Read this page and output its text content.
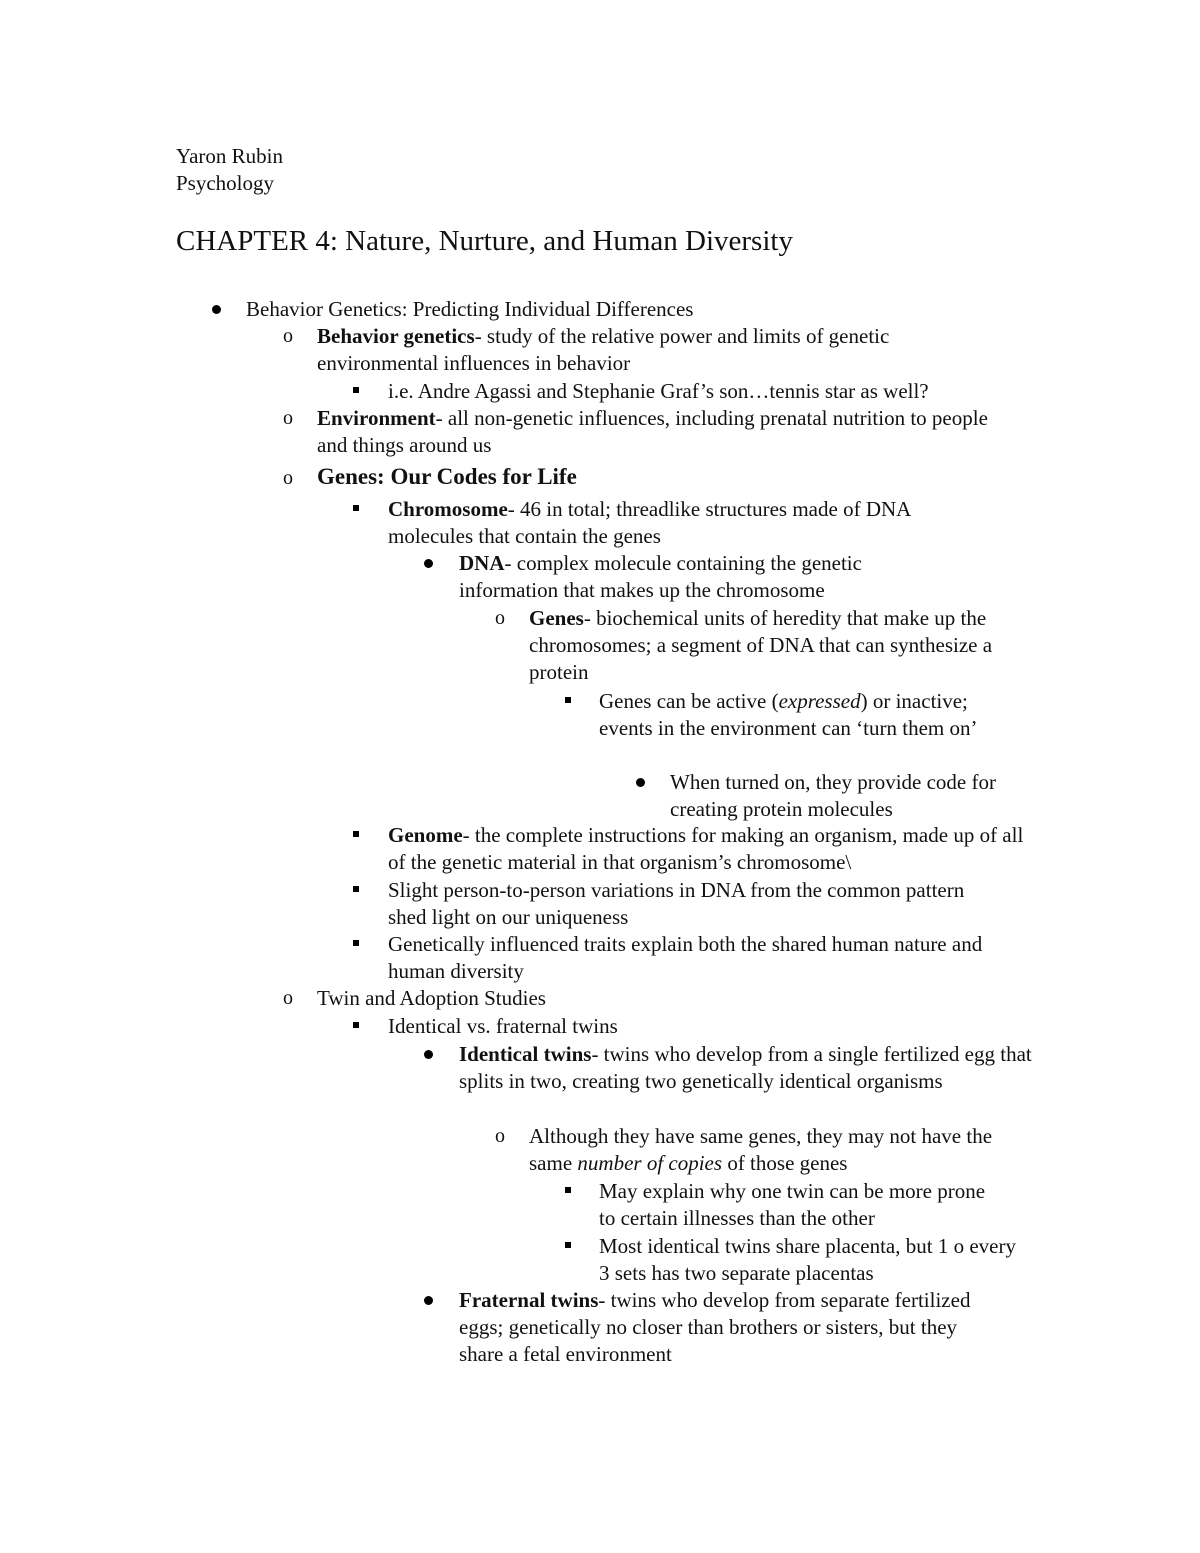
Yaron Rubin
Psychology
CHAPTER 4: Nature, Nurture, and Human Diversity
Behavior Genetics: Predicting Individual Differences
o Behavior genetics- study of the relative power and limits of genetic environmental influences in behavior
i.e. Andre Agassi and Stephanie Graf’s son…tennis star as well?
o Environment- all non-genetic influences, including prenatal nutrition to people and things around us
o Genes: Our Codes for Life
Chromosome- 46 in total; threadlike structures made of DNA molecules that contain the genes
DNA- complex molecule containing the genetic information that makes up the chromosome
o Genes- biochemical units of heredity that make up the chromosomes; a segment of DNA that can synthesize a protein
Genes can be active (expressed) or inactive; events in the environment can ‘turn them on’
When turned on, they provide code for creating protein molecules
Genome- the complete instructions for making an organism, made up of all of the genetic material in that organism’s chromosome\
Slight person-to-person variations in DNA from the common pattern shed light on our uniqueness
Genetically influenced traits explain both the shared human nature and human diversity
o Twin and Adoption Studies
Identical vs. fraternal twins
Identical twins- twins who develop from a single fertilized egg that splits in two, creating two genetically identical organisms
o Although they have same genes, they may not have the same number of copies of those genes
May explain why one twin can be more prone to certain illnesses than the other
Most identical twins share placenta, but 1 o every 3 sets has two separate placentas
Fraternal twins- twins who develop from separate fertilized eggs; genetically no closer than brothers or sisters, but they share a fetal environment
